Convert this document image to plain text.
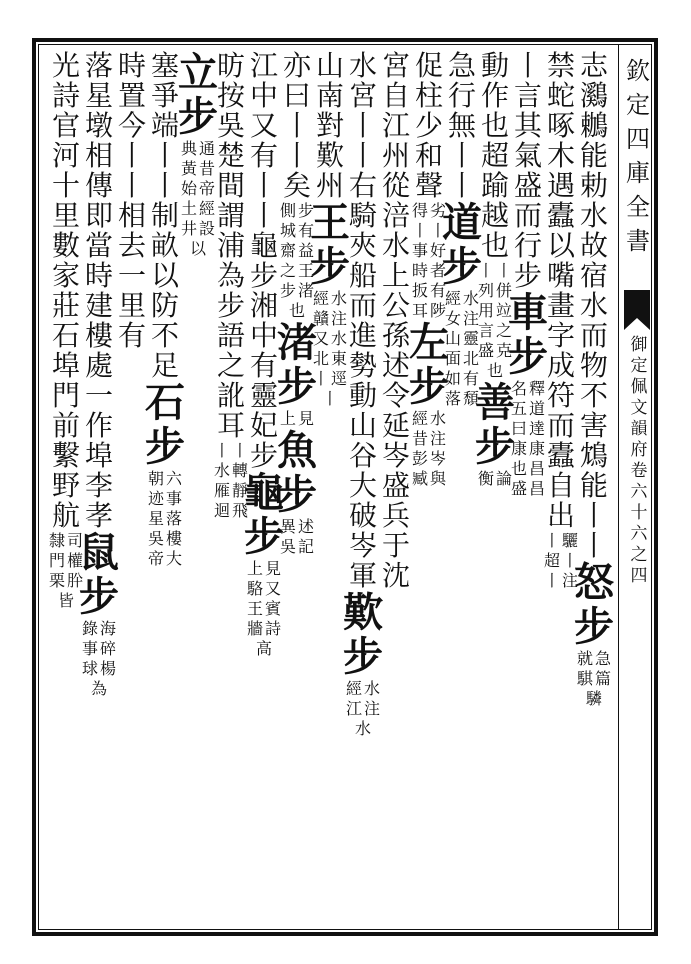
欽
定
四
庫
全
書
御
定
佩
文
韻
府
卷
六
十
六
之
四
志
鸂
鶒
能
勅
水
故
宿
水
而
物
不
害
鴆
能
丨
丨
怒
步
急
就
篇
騏
驎
禁
蛇
啄
木
遇
蠹
以
嘴
畫
字
成
符
而
蠹
自
出
驪
丨
丨
超
注
丨
丨
言
其
氣
盛
而
行
步
車
步
釋
名
道
五
達
曰
康
康
昌
也
昌
盛
動
作
也
超
踰
越
也
丨
丨
併
列
竝
用
之
言
克
盛
也
善
步
論
衡
急
行
無
丨
丨
道
步
水
經
注
女
靈
山
北
面
有
如
頹
落
促
柱
少
和
聲
劣
得
丨
丨
好
事
者
時
有
扳
陟
耳
左
步
水
經
注
昔
岑
彭
與
臧
宮
自
江
州
從
涪
水
上
公
孫
述
令
延
岑
盛
兵
于
沈
水
宮
丨
丨
右
騎
夾
船
而
進
勢
動
山
谷
大
破
岑
軍
歎
步
水
經
注
江
水
山
南
對
歎
州
王
步
水
經
注
贛
水
又
東
北
逕
丨
丨
亦
曰
丨
丨
矣
步
側
有
城
益
齋
王
之
渚
步
也
渚
步
見
上
魚
步
述
異
記
吳
江
中
又
有
丨
丨
龜
步
湘
中
有
靈
妃
步
龜
步
見
上
又
駱
賓
王
詩
牆
高
昉
按
吳
楚
間
謂
浦
為
步
語
之
訛
耳
丨
丨
轉
水
靜
雁
飛
迴
立
步
通
典
昔
黃
帝
始
經
土
設
井
以
塞
爭
端
丨
丨
制
畝
以
防
不
足
石
步
六
朝
事
迹
落
星
樓
吳
大
帝
時
置
今
丨
丨
相
去
一
里
有
落
星
墩
相
傳
即
當
時
建
樓
處
一
作
埠
李
孝
鼠
步
海
錄
碎
事
楊
球
為
光
詩
官
河
十
里
數
家
莊
石
埠
門
前
繫
野
航
司
隸
權
門
肸
栗
皆
